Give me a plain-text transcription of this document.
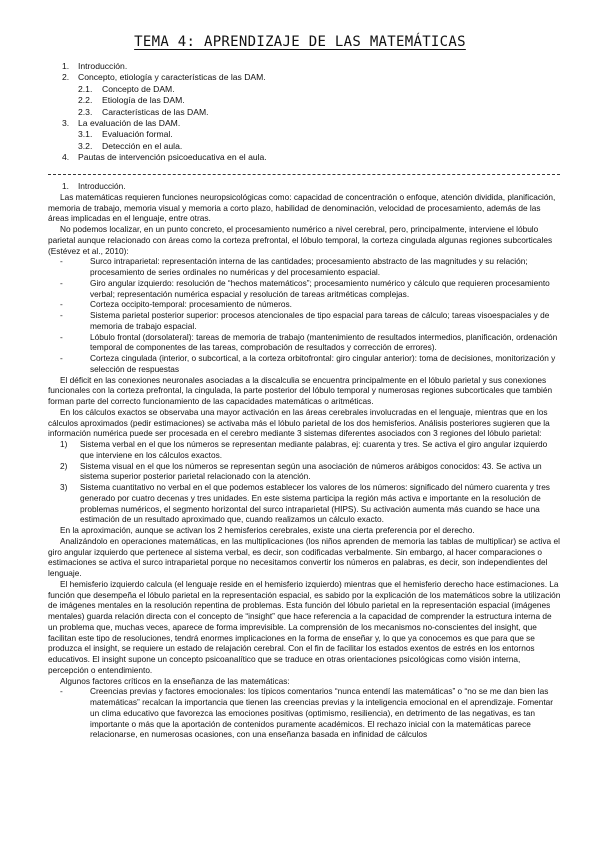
TEMA 4: APRENDIZAJE DE LAS MATEMÁTICAS
1. Introducción.
2. Concepto, etiología y características de las DAM.
2.1. Concepto de DAM.
2.2. Etiología de las DAM.
2.3. Características de las DAM.
3. La evaluación de las DAM.
3.1. Evaluación formal.
3.2. Detección en el aula.
4. Pautas de intervención psicoeducativa en el aula.

1. Introducción.

Las matemáticas requieren funciones neuropsicológicas como: capacidad de concentración o enfoque, atención dividida, planificación, memoria de trabajo, memoria visual y memoria a corto plazo, habilidad de denominación, velocidad de procesamiento, además de las áreas implicadas en el lenguaje, entre otras.

No podemos localizar, en un punto concreto, el procesamiento numérico a nivel cerebral, pero, principalmente, interviene el lóbulo parietal aunque relacionado con áreas como la corteza prefrontal, el lóbulo temporal, la corteza cingulada algunas regiones subcorticales (Estévez et al., 2010):

-	Surco intraparietal: representación interna de las cantidades; procesamiento abstracto de las magnitudes y su relación; procesamiento de series ordinales no numéricas y del procesamiento espacial.
-	Giro angular izquierdo: resolución de “hechos matemáticos”; procesamiento numérico y cálculo que requieren procesamiento verbal; representación numérica espacial y resolución de tareas aritméticas complejas.
-	Corteza occipito-temporal: procesamiento de números.
-	Sistema parietal posterior superior: procesos atencionales de tipo espacial para tareas de cálculo; tareas visoespaciales y de memoria de trabajo espacial.
-	Lóbulo frontal (dorsolateral): tareas de memoria de trabajo (mantenimiento de resultados intermedios, planificación, ordenación temporal de componentes de las tareas, comprobación de resultados y corrección de errores).
-	Corteza cingulada (interior, o subcortical, a la corteza orbitofrontal: giro cingular anterior): toma de decisiones, monitorización y selección de respuestas

El déficit en las conexiones neuronales asociadas a la discalculia se encuentra principalmente en el lóbulo parietal y sus conexiones funcionales con la corteza prefrontal, la cingulada, la parte posterior del lóbulo temporal y numerosas regiones subcorticales que también forman parte del correcto funcionamiento de las capacidades matemáticas o aritméticas.

En los cálculos exactos se observaba una mayor activación en las áreas cerebrales involucradas en el lenguaje, mientras que en los cálculos aproximados (pedir estimaciones) se activaba más el lóbulo parietal de los dos hemisferios. Análisis posteriores sugieren que la información numérica puede ser procesada en el cerebro mediante 3 sistemas diferentes asociados con 3 regiones del lóbulo parietal:

1)	Sistema verbal en el que los números se representan mediante palabras, ej: cuarenta y tres. Se activa el giro angular izquierdo que interviene en los cálculos exactos.
2)	Sistema visual en el que los números se representan según una asociación de números arábigos conocidos: 43. Se activa un sistema superior posterior parietal relacionado con la atención.
3)	Sistema cuantitativo no verbal en el que podemos establecer los valores de los números: significado del número cuarenta y tres generado por cuatro decenas y tres unidades. En este sistema participa la región más activa e importante en la resolución de problemas numéricos, el segmento horizontal del surco intraparietal (HIPS). Su activación aumenta más cuando se hace una estimación de un resultado aproximado que, cuando realizamos un cálculo exacto.

En la aproximación, aunque se activan los 2 hemisferios cerebrales, existe una cierta preferencia por el derecho.

Analizándolo en operaciones matemáticas, en las multiplicaciones (los niños aprenden de memoria las tablas de multiplicar) se activa el giro angular izquierdo que pertenece al sistema verbal, es decir, son codificadas verbalmente. Sin embargo, al hacer comparaciones o estimaciones se activa el surco intraparietal porque no necesitamos convertir los números en palabras, es decir, son independientes del lenguaje.

El hemisferio izquierdo calcula (el lenguaje reside en el hemisferio izquierdo) mientras que el hemisferio derecho hace estimaciones. La función que desempeña el lóbulo parietal en la representación espacial, es sabido por la explicación de los matemáticos sobre la utilización de imágenes mentales en la resolución repentina de problemas. Esta función del lóbulo parietal en la representación espacial (imágenes mentales) guarda relación directa con el concepto de “insight” que hace referencia a la capacidad de comprender la estructura interna de un problema que, muchas veces, aparece de forma imprevisible. La comprensión de los mecanismos no-conscientes del insight, que facilitan este tipo de resoluciones, tendrá enormes implicaciones en la forma de enseñar y, lo que ya conocemos es que para que se produzca el insight, se requiere un estado de relajación cerebral. Con el fin de facilitar los estados exentos de estrés en los entornos educativos. El insight supone un concepto psicoanalítico que se traduce en otras orientaciones psicológicas como visión interna, percepción o entendimiento.

Algunos factores críticos en la enseñanza de las matemáticas:

-	Creencias previas y factores emocionales: los típicos comentarios “nunca entendí las matemáticas” o “no se me dan bien las matemáticas” recalcan la importancia que tienen las creencias previas y la inteligencia emocional en el aprendizaje. Fomentar un clima educativo que favorezca las emociones positivas (optimismo, resiliencia), en detrimento de las negativas, es tan importante o más que la aportación de contenidos puramente académicos. El rechazo inicial con la matemáticas parece relacionarse, en numerosas ocasiones, con una enseñanza basada en infinidad de cálculos
